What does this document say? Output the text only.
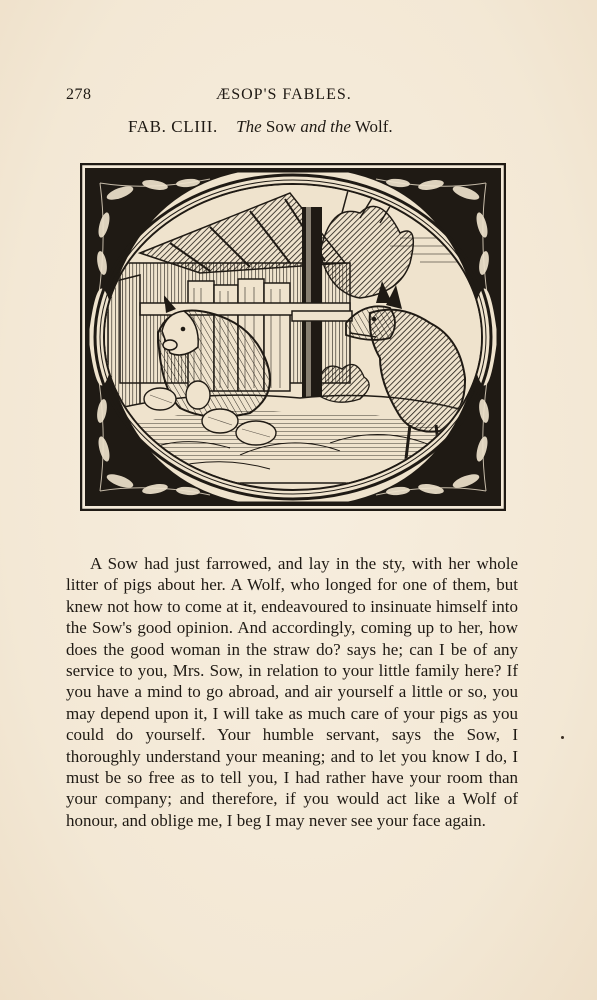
278	ÆSOP'S FABLES.
FAB. CLIII. The Sow and the Wolf.

A Sow had just farrowed, and lay in the sty, with her whole litter of pigs about her. A Wolf, who longed for one of them, but knew not how to come at it, endeavoured to insinuate himself into the Sow's good opinion. And accordingly, coming up to her, how does the good woman in the straw do? says he; can I be of any service to you, Mrs. Sow, in relation to your little family here? If you have a mind to go abroad, and air yourself a little or so, you may depend upon it, I will take as much care of your pigs as you could do yourself. Your humble servant, says the Sow, I thoroughly understand your meaning; and to let you know I do, I must be so free as to tell you, I had rather have your room than your company; and therefore, if you would act like a Wolf of honour, and oblige me, I beg I may never see your face again.
